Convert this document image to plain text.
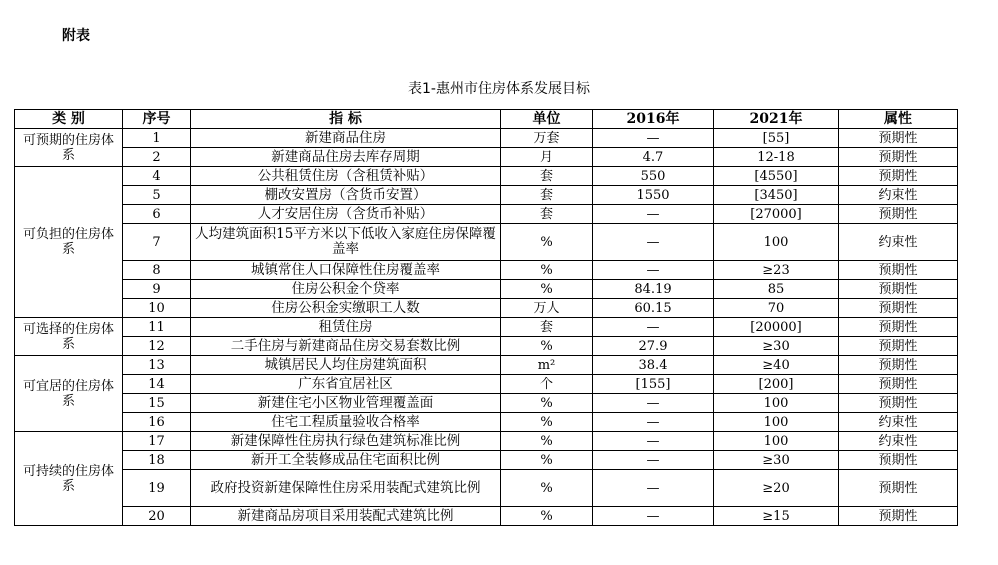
附表
表1-惠州市住房体系发展目标
类 别	序号	指 标	单位	2016年	2021年	属性
可预期的住房体系	1	新建商品住房	万套	—	[55]	预期性
	2	新建商品住房去库存周期	月	4.7	12-18	预期性
可负担的住房体系	4	公共租赁住房（含租赁补贴）	套	550	[4550]	预期性
	5	棚改安置房（含货币安置）	套	1550	[3450]	约束性
	6	人才安居住房（含货币补贴）	套	—	[27000]	预期性
	7	人均建筑面积15平方米以下低收入家庭住房保障覆盖率	%	—	100	约束性
	8	城镇常住人口保障性住房覆盖率	%	—	≥23	预期性
	9	住房公积金个贷率	%	84.19	85	预期性
	10	住房公积金实缴职工人数	万人	60.15	70	预期性
可选择的住房体系	11	租赁住房	套	—	[20000]	预期性
	12	二手住房与新建商品住房交易套数比例	%	27.9	≥30	预期性
可宜居的住房体系	13	城镇居民人均住房建筑面积	m²	38.4	≥40	预期性
	14	广东省宜居社区	个	[155]	[200]	预期性
	15	新建住宅小区物业管理覆盖面	%	—	100	预期性
	16	住宅工程质量验收合格率	%	—	100	约束性
可持续的住房体系	17	新建保障性住房执行绿色建筑标准比例	%	—	100	约束性
	18	新开工全装修成品住宅面积比例	%	—	≥30	预期性
	19	政府投资新建保障性住房采用装配式建筑比例	%	—	≥20	预期性
	20	新建商品房项目采用装配式建筑比例	%	—	≥15	预期性
